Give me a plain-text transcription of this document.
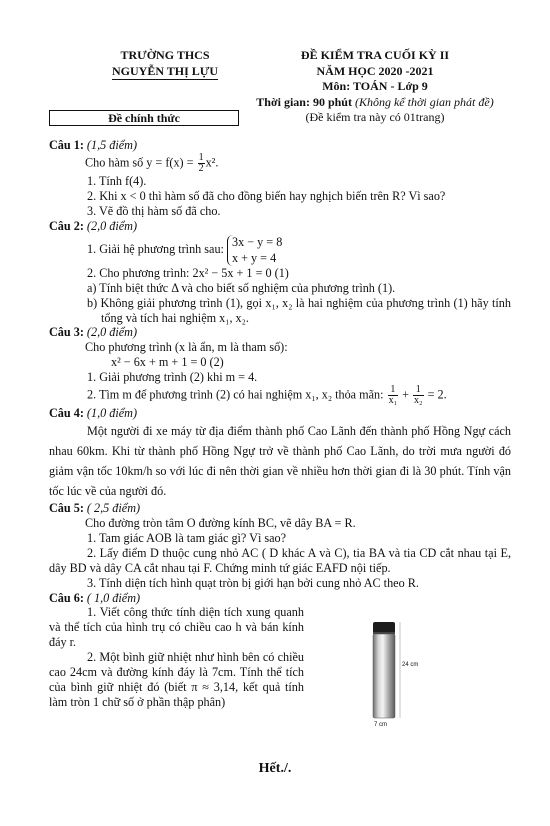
TRƯỜNG THCS
NGUYỄN THỊ LỰU
ĐỀ KIỂM TRA CUỐI KỲ II
NĂM HỌC 2020 -2021
Môn: TOÁN - Lớp 9
Thời gian: 90 phút (Không kể thời gian phát đề)
(Đề kiểm tra này có 01trang)
Đề chính thức

Câu 1: (1,5 điểm)

Cho hàm số $y = f(x) = \frac{1}{2} x^2$.

1. Tính f(4).

2. Khi x < 0 thì hàm số đã cho đồng biến hay nghịch biến trên R? Vì sao?

3. Vẽ đồ thị hàm số đã cho.

Câu 2: (2,0 điểm)

1. Giải hệ phương trình sau:
3x − y = 8
x + y = 4

2. Cho phương trình: 2x² − 5x + 1 = 0 (1)

a) Tính biệt thức Δ và cho biết số nghiệm của phương trình (1).

b) Không giải phương trình (1), gọi x₁, x₂ là hai nghiệm của phương trình (1) hãy tính tổng và tích hai nghiệm x₁, x₂.

Câu 3: (2,0 điểm)

Cho phương trình (x là ẩn, m là tham số):

x² − 6x + m + 1 = 0 (2)

1. Giải phương trình (2) khi m = 4.

2. Tìm m để phương trình (2) có hai nghiệm x₁, x₂ thỏa mãn: $\frac{1}{\text{x₁}} + \frac{1}{\text{x₂}} = 2$.

Câu 4: (1,0 điểm)

Một người đi xe máy từ địa điểm thành phố Cao Lãnh đến thành phố Hồng Ngự cách nhau 60km. Khi từ thành phố Hồng Ngự trở về thành phố Cao Lãnh, do trời mưa người đó giảm vận tốc 10km/h so với lúc đi nên thời gian về nhiều hơn thời gian đi là 30 phút. Tính vận tốc lúc về của người đó.

Câu 5: ( 2,5 điểm)

Cho đường tròn tâm O đường kính BC, vẽ dây BA = R.

1. Tam giác AOB là tam giác gì? Vì sao?

2. Lấy điểm D thuộc cung nhỏ AC ( D khác A và C), tia BA và tia CD cắt nhau tại E, dây BD và dây CA cắt nhau tại F. Chứng minh tứ giác EAFD nội tiếp.

3. Tính diện tích hình quạt tròn bị giới hạn bởi cung nhỏ AC theo R.

Câu 6: ( 1,0 điểm)

1. Viết công thức tính diện tích xung quanh và thể tích của hình trụ có chiều cao h và bán kính đáy r.

2. Một bình giữ nhiệt như hình bên có chiều cao 24cm và đường kính đáy là 7cm. Tính thể tích của bình giữ nhiệt đó (biết π ≈ 3,14, kết quả tính làm tròn 1 chữ số ở phần thập phân)

24 cm
7 cm
Hết./.
